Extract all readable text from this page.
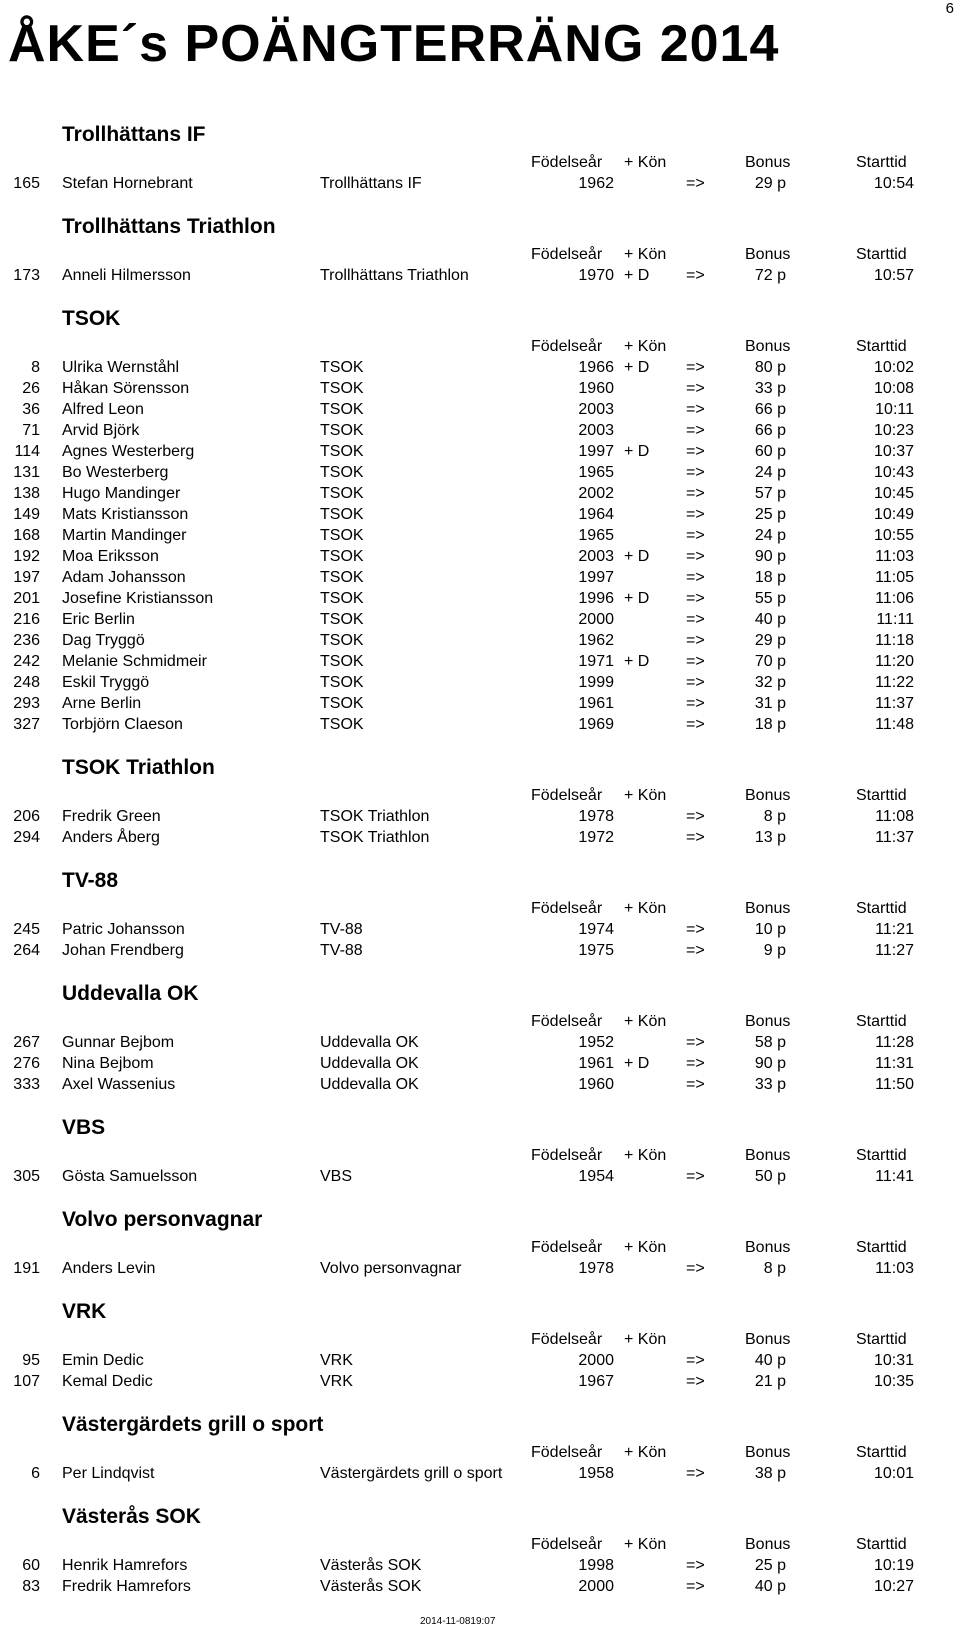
6
ÅKE´s POÄNGTERRÄNG 2014
Trollhättans IF
Födelseår + Kön	Bonus	Starttid
165 Stefan Hornebrant	Trollhättans IF	1962	=>	29 p	10:54
Trollhättans Triathlon
Födelseår + Kön	Bonus	Starttid
173 Anneli Hilmersson	Trollhättans Triathlon	1970 + D =>	72 p	10:57
TSOK
Födelseår + Kön	Bonus	Starttid
8 Ulrika Wernståhl	TSOK	1966 + D =>	80 p	10:02
26 Håkan Sörensson	TSOK	1960	=>	33 p	10:08
36 Alfred Leon	TSOK	2003	=>	66 p	10:11
71 Arvid Björk	TSOK	2003	=>	66 p	10:23
114 Agnes Westerberg	TSOK	1997 + D =>	60 p	10:37
131 Bo Westerberg	TSOK	1965	=>	24 p	10:43
138 Hugo Mandinger	TSOK	2002	=>	57 p	10:45
149 Mats Kristiansson	TSOK	1964	=>	25 p	10:49
168 Martin Mandinger	TSOK	1965	=>	24 p	10:55
192 Moa Eriksson	TSOK	2003 + D =>	90 p	11:03
197 Adam Johansson	TSOK	1997	=>	18 p	11:05
201 Josefine Kristiansson	TSOK	1996 + D =>	55 p	11:06
216 Eric Berlin	TSOK	2000	=>	40 p	11:11
236 Dag Tryggö	TSOK	1962	=>	29 p	11:18
242 Melanie Schmidmeir	TSOK	1971 + D =>	70 p	11:20
248 Eskil Tryggö	TSOK	1999	=>	32 p	11:22
293 Arne Berlin	TSOK	1961	=>	31 p	11:37
327 Torbjörn Claeson	TSOK	1969	=>	18 p	11:48
TSOK Triathlon
Födelseår + Kön	Bonus	Starttid
206 Fredrik Green	TSOK Triathlon	1978	=>	8 p	11:08
294 Anders Åberg	TSOK Triathlon	1972	=>	13 p	11:37
TV-88
Födelseår + Kön	Bonus	Starttid
245 Patric Johansson	TV-88	1974	=>	10 p	11:21
264 Johan Frendberg	TV-88	1975	=>	9 p	11:27
Uddevalla OK
Födelseår + Kön	Bonus	Starttid
267 Gunnar Bejbom	Uddevalla OK	1952	=>	58 p	11:28
276 Nina Bejbom	Uddevalla OK	1961 + D =>	90 p	11:31
333 Axel Wassenius	Uddevalla OK	1960	=>	33 p	11:50
VBS
Födelseår + Kön	Bonus	Starttid
305 Gösta Samuelsson	VBS	1954	=>	50 p	11:41
Volvo personvagnar
Födelseår + Kön	Bonus	Starttid
191 Anders Levin	Volvo personvagnar	1978	=>	8 p	11:03
VRK
Födelseår + Kön	Bonus	Starttid
95 Emin Dedic	VRK	2000	=>	40 p	10:31
107 Kemal Dedic	VRK	1967	=>	21 p	10:35
Västergärdets grill o sport
Födelseår + Kön	Bonus	Starttid
6 Per Lindqvist	Västergärdets grill o sport	1958	=>	38 p	10:01
Västerås SOK
Födelseår + Kön	Bonus	Starttid
60 Henrik Hamrefors	Västerås SOK	1998	=>	25 p	10:19
83 Fredrik Hamrefors	Västerås SOK	2000	=>	40 p	10:27
2014-11-0819:07
